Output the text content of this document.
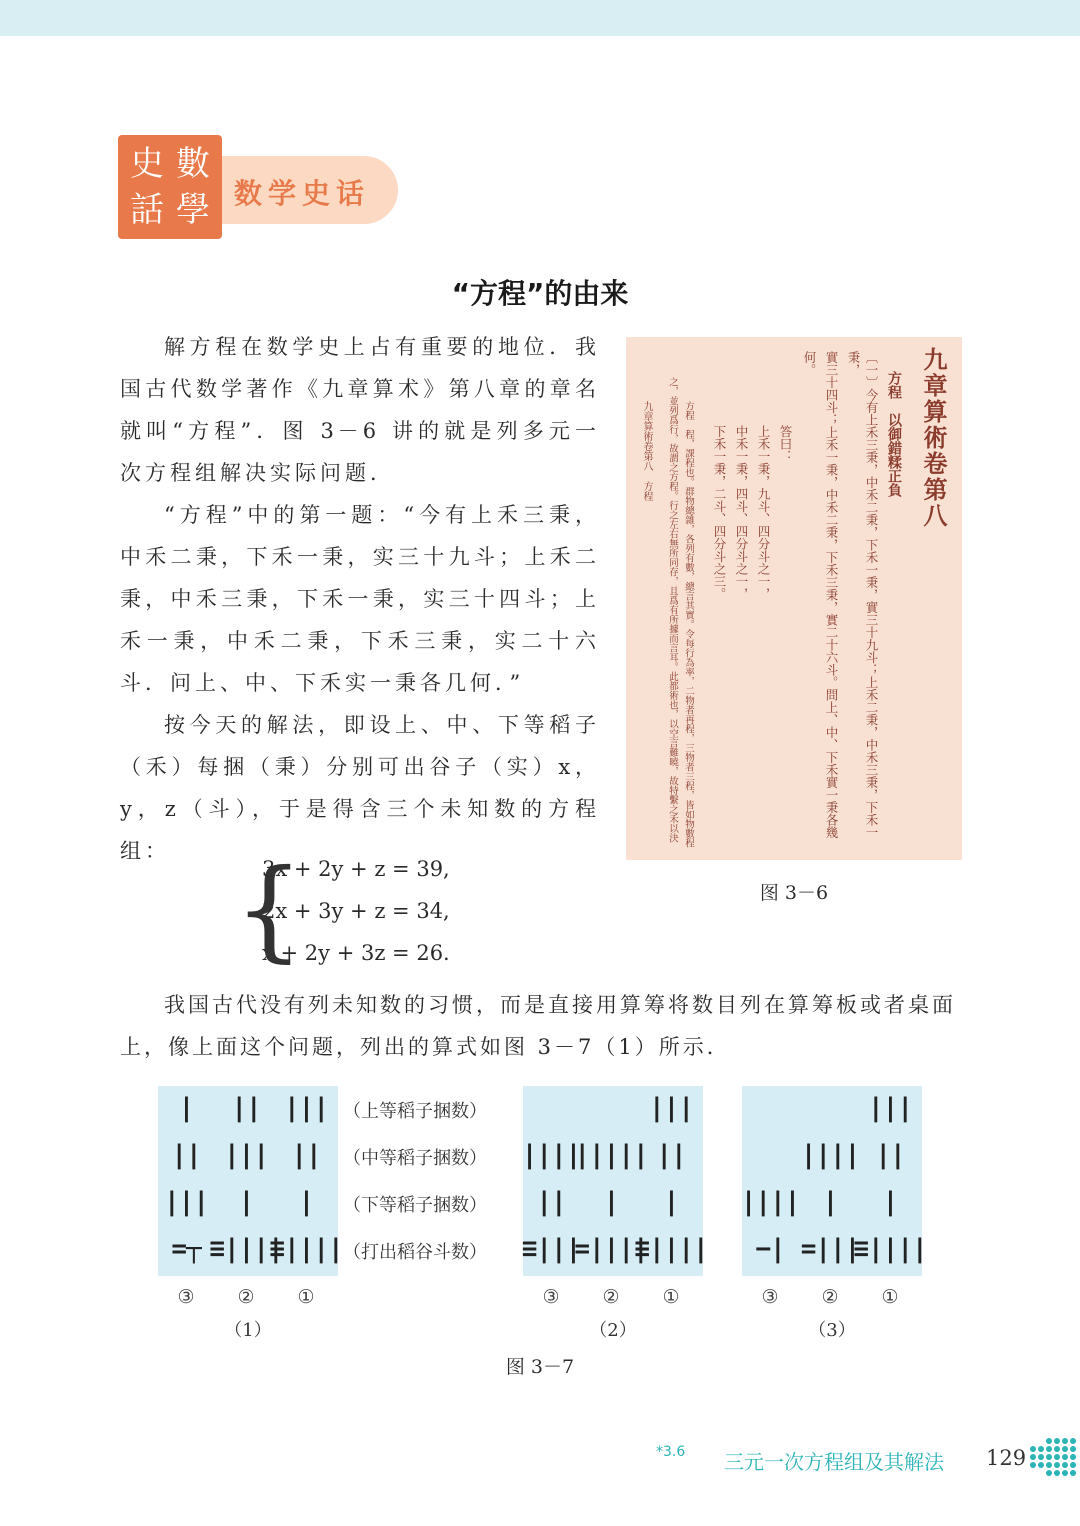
數
學
史
話	数学史话
“方程”的由来

解方程在数学史上占有重要的地位．我国古代数学著作《九章算术》第八章的章名就叫“方程”．图 3－6 讲的就是列多元一次方程组解决实际问题．

“方程”中的第一题：“今有上禾三秉，中禾二秉，下禾一秉，实三十九斗；上禾二秉，中禾三秉，下禾一秉，实三十四斗；上禾一秉，中禾二秉，下禾三秉，实二十六斗．问上、中、下禾实一秉各几何．”

按今天的解法，即设上、中、下等稻子（禾）每捆（秉）分别可出谷子（实）x，y，z（斗），于是得含三个未知数的方程组： {
3x + 2y + z = 39,
2x + 3y + z = 34,
x + 2y + 3z = 26.
九章算術卷第八
方程　以御錯糅正負
〔一〕今有上禾三秉，中禾二秉，下禾一秉，實三十九斗；上禾二秉，中禾三秉，下禾一秉，
實三十四斗；上禾一秉，中禾二秉，下禾三秉，實二十六斗。問上、中、下禾實一秉各幾
何。
答曰：
上禾一秉，九斗、四分斗之一，
中禾一秉，四斗、四分斗之一，
下禾一秉，二斗、四分斗之三。
方程　程，課程也。群物總雜，各列有數，總言其實。令每行為率，二物者再程，三物者三程，皆如物數程
之，並列爲行，故謂之方程。行之左右無所同存，且爲有所據而言耳。此都術也，以空言難曉，故特繫之禾以決
九章算術卷第八　方程
图 3－6

我国古代没有列未知数的习惯，而是直接用算筹将数目列在算筹板或者桌面上，像上面这个问题，列出的算式如图 3－7（1）所示．

| || |||
|| ||| ||
||| | |
=┬ ≡||||
≡||||
|||
||||
||||| ||
|| | |
≡|||
=||||
≡||||
|||
|||| ||
|||| | |
−| =|||
≡||||
（上等稻子捆数）
（中等稻子捆数）
（下等稻子捆数）
（打出稻谷斗数）
③ ② ①
（1）
③ ② ①
（2）
③ ② ①
（3）
图 3－7
*3.6 三元一次方程组及其解法 129
